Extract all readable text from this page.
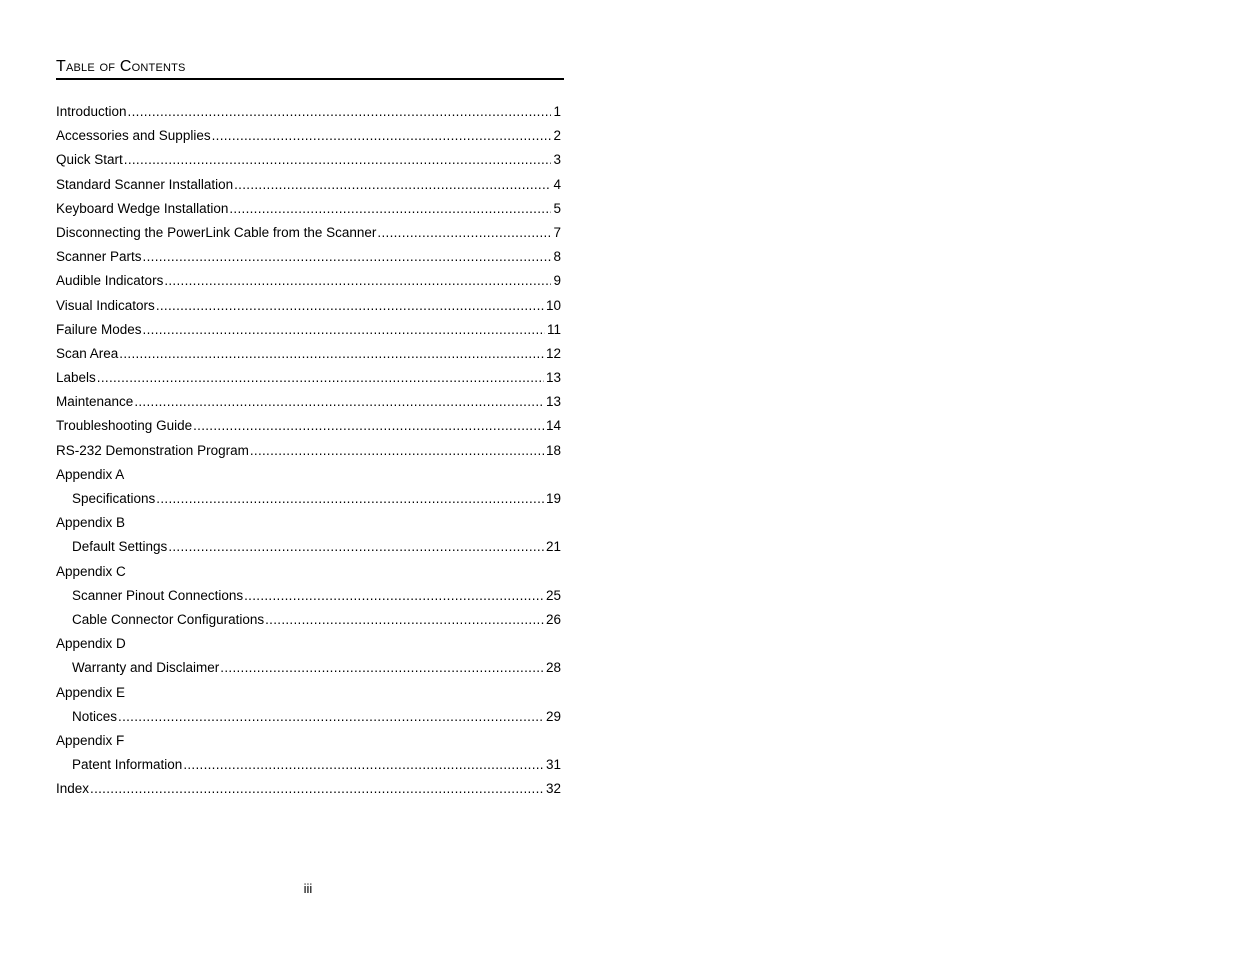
Table of Contents
Introduction .....	1
Accessories and Supplies .....	2
Quick Start .....	3
Standard Scanner Installation .....	4
Keyboard Wedge Installation .....	5
Disconnecting the PowerLink Cable from the Scanner .....	7
Scanner Parts .....	8
Audible Indicators .....	9
Visual Indicators .....	10
Failure Modes .....	11
Scan Area .....	12
Labels .....	13
Maintenance .....	13
Troubleshooting Guide .....	14
RS-232 Demonstration Program .....	18
Appendix A
Specifications .....	19
Appendix B
Default Settings .....	21
Appendix C
Scanner Pinout Connections .....	25
Cable Connector Configurations .....	26
Appendix D
Warranty and Disclaimer .....	28
Appendix E
Notices .....	29
Appendix F
Patent Information .....	31
Index .....	32
iii
